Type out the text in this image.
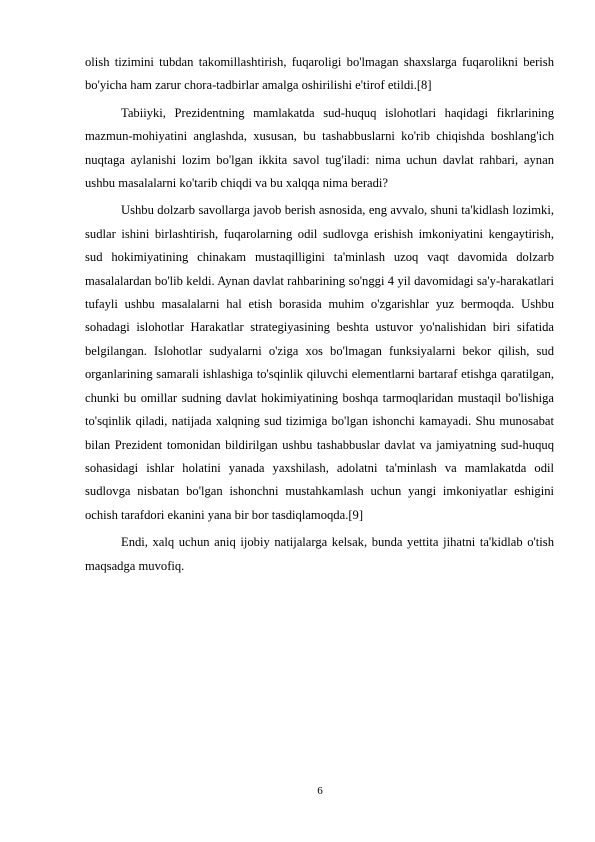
olish tizimini tubdan takomillashtirish, fuqaroligi bo'lmagan shaxslarga fuqarolikni berish bo'yicha ham zarur chora-tadbirlar amalga oshirilishi e'tirof etildi.[8]

Tabiiyki, Prezidentning mamlakatda sud-huquq islohotlari haqidagi fikrlarining mazmun-mohiyatini anglashda, xususan, bu tashabbuslarni ko'rib chiqishda boshlang'ich nuqtaga aylanishi lozim bo'lgan ikkita savol tug'iladi: nima uchun davlat rahbari, aynan ushbu masalalarni ko'tarib chiqdi va bu xalqqa nima beradi?

Ushbu dolzarb savollarga javob berish asnosida, eng avvalo, shuni ta'kidlash lozimki, sudlar ishini birlashtirish, fuqarolarning odil sudlovga erishish imkoniyatini kengaytirish, sud hokimiyatining chinakam mustaqilligini ta'minlash uzoq vaqt davomida dolzarb masalalardan bo'lib keldi. Aynan davlat rahbarining so'nggi 4 yil davomidagi sa'y-harakatlari tufayli ushbu masalalarni hal etish borasida muhim o'zgarishlar yuz bermoqda. Ushbu sohadagi islohotlar Harakatlar strategiyasining beshta ustuvor yo'nalishidan biri sifatida belgilangan. Islohotlar sudyalarni o'ziga xos bo'lmagan funksiyalarni bekor qilish, sud organlarining samarali ishlashiga to'sqinlik qiluvchi elementlarni bartaraf etishga qaratilgan, chunki bu omillar sudning davlat hokimiyatining boshqa tarmoqlaridan mustaqil bo'lishiga to'sqinlik qiladi, natijada xalqning sud tizimiga bo'lgan ishonchi kamayadi. Shu munosabat bilan Prezident tomonidan bildirilgan ushbu tashabbuslar davlat va jamiyatning sud-huquq sohasidagi ishlar holatini yanada yaxshilash, adolatni ta'minlash va mamlakatda odil sudlovga nisbatan bo'lgan ishonchni mustahkamlash uchun yangi imkoniyatlar eshigini ochish tarafdori ekanini yana bir bor tasdiqlamoqda.[9]

Endi, xalq uchun aniq ijobiy natijalarga kelsak, bunda yettita jihatni ta'kidlab o'tish maqsadga muvofiq.

6
